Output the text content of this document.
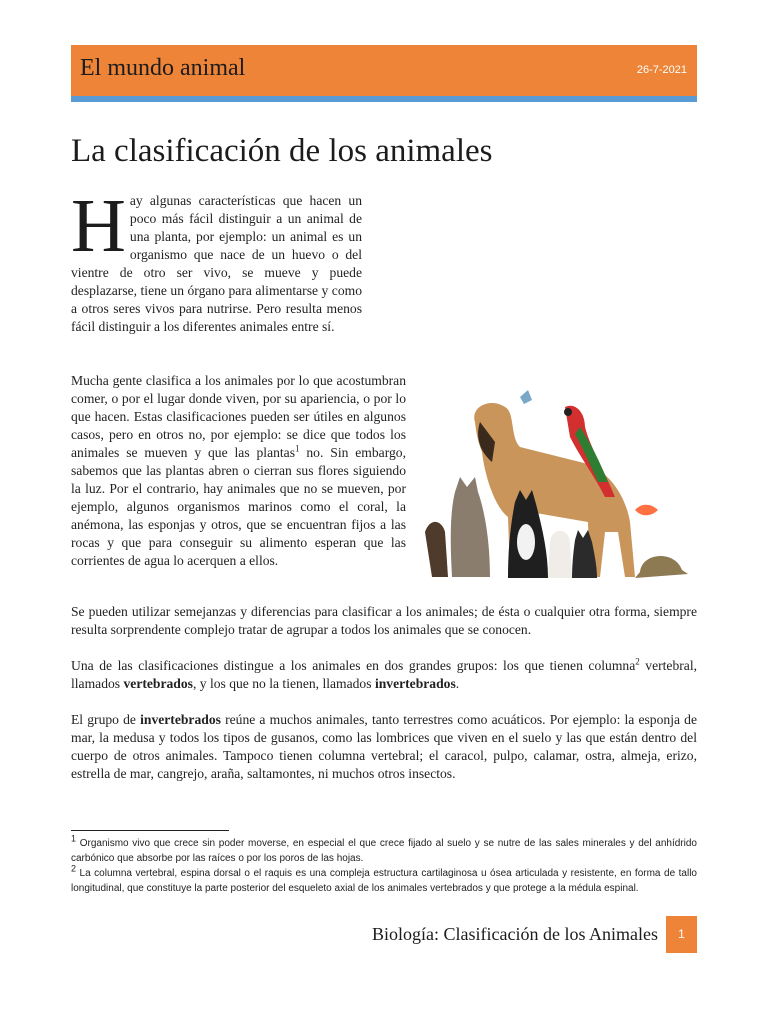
El mundo animal	26-7-2021
La clasificación de los animales

Hay algunas características que hacen un poco más fácil distinguir a un animal de una planta, por ejemplo: un animal es un organismo que nace de un huevo o del vientre de otro ser vivo, se mueve y puede desplazarse, tiene un órgano para alimentarse y como a otros seres vivos para nutrirse. Pero resulta menos fácil distinguir a los diferentes animales entre sí.

Mucha gente clasifica a los animales por lo que acostumbran comer, o por el lugar donde viven, por su apariencia, o por lo que hacen. Estas clasificaciones pueden ser útiles en algunos casos, pero en otros no, por ejemplo: se dice que todos los animales se mueven y que las plantas$^1$ no. Sin embargo, sabemos que las plantas abren o cierran sus flores siguiendo la luz. Por el contrario, hay animales que no se mueven, por ejemplo, algunos organismos marinos como el coral, la anémona, las esponjas y otros, que se encuentran fijos a las rocas y que para conseguir su alimento esperan que las corrientes de agua lo acerquen a ellos.

Se pueden utilizar semejanzas y diferencias para clasificar a los animales; de ésta o cualquier otra forma, siempre resulta sorprendente complejo tratar de agrupar a todos los animales que se conocen.

Una de las clasificaciones distingue a los animales en dos grandes grupos: los que tienen columna$^2$ vertebral, llamados vertebrados, y los que no la tienen, llamados invertebrados.

El grupo de invertebrados reúne a muchos animales, tanto terrestres como acuáticos. Por ejemplo: la esponja de mar, la medusa y todos los tipos de gusanos, como las lombrices que viven en el suelo y las que están dentro del cuerpo de otros animales. Tampoco tienen columna vertebral; el caracol, pulpo, calamar, ostra, almeja, erizo, estrella de mar, cangrejo, araña, saltamontes, ni muchos otros insectos.

$^1$ Organismo vivo que crece sin poder moverse, en especial el que crece fijado al suelo y se nutre de las sales minerales y del anhídrido carbónico que absorbe por las raíces o por los poros de las hojas.

$^2$ La columna vertebral, espina dorsal o el raquis es una compleja estructura cartilaginosa u ósea articulada y resistente, en forma de tallo longitudinal, que constituye la parte posterior del esqueleto axial de los animales vertebrados y que protege a la médula espinal.

Biología: Clasificación de los Animales	1
